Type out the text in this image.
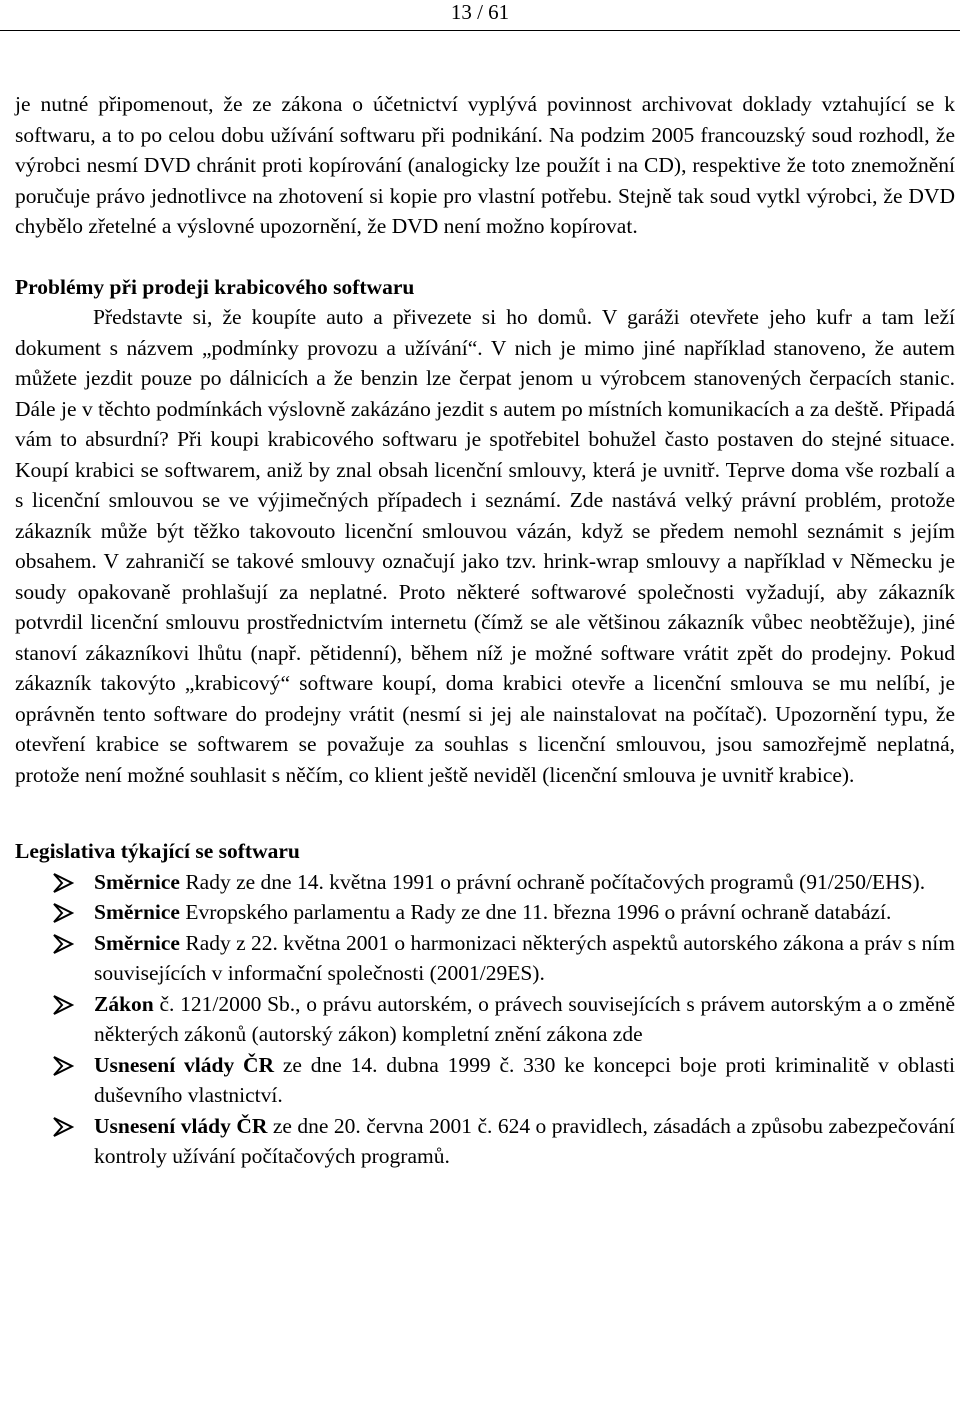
13 / 61

je nutné připomenout, že ze zákona o účetnictví vyplývá povinnost archivovat doklady vztahující se k softwaru, a to po celou dobu užívání softwaru při podnikání. Na podzim 2005 francouzský soud rozhodl, že výrobci nesmí DVD chránit proti kopírování (analogicky lze použít i na CD), respektive že toto znemožnění poručuje právo jednotlivce na zhotovení si kopie pro vlastní potřebu. Stejně tak soud vytkl výrobci, že DVD chybělo zřetelné a výslovné upozornění, že DVD není možno kopírovat.

Problémy při prodeji krabicového softwaru

Představte si, že koupíte auto a přivezete si ho domů. V garáži otevřete jeho kufr a tam leží dokument s názvem „podmínky provozu a užívání“. V nich je mimo jiné například stanoveno, že autem můžete jezdit pouze po dálnicích a že benzin lze čerpat jenom u výrobcem stanovených čerpacích stanic. Dále je v těchto podmínkách výslovně zakázáno jezdit s autem po místních komunikacích a za deště. Připadá vám to absurdní? Při koupi krabicového softwaru je spotřebitel bohužel často postaven do stejné situace. Koupí krabici se softwarem, aniž by znal obsah licenční smlouvy, která je uvnitř. Teprve doma vše rozbalí a s licenční smlouvou se ve výjimečných případech i seznámí. Zde nastává velký právní problém, protože zákazník může být těžko takovouto licenční smlouvou vázán, když se předem nemohl seznámit s jejím obsahem. V zahraničí se takové smlouvy označují jako tzv. hrink-wrap smlouvy a například v Německu je soudy opakovaně prohlašují za neplatné. Proto některé softwarové společnosti vyžadují, aby zákazník potvrdil licenční smlouvu prostřednictvím internetu (čímž se ale většinou zákazník vůbec neobtěžuje), jiné stanoví zákazníkovi lhůtu (např. pětidenní), během níž je možné software vrátit zpět do prodejny. Pokud zákazník takovýto „krabicový“ software koupí, doma krabici otevře a licenční smlouva se mu nelíbí, je oprávněn tento software do prodejny vrátit (nesmí si jej ale nainstalovat na počítač). Upozornění typu, že otevření krabice se softwarem se považuje za souhlas s licenční smlouvou, jsou samozřejmě neplatná, protože není možné souhlasit s něčím, co klient ještě neviděl (licenční smlouva je uvnitř krabice).

Legislativa týkající se softwaru
Směrnice Rady ze dne 14. května 1991 o právní ochraně počítačových programů (91/250/EHS).
Směrnice Evropského parlamentu a Rady ze dne 11. března 1996 o právní ochraně databází.
Směrnice Rady z 22. května 2001 o harmonizaci některých aspektů autorského zákona a práv s ním souvisejících v informační společnosti (2001/29ES).
Zákon č. 121/2000 Sb., o právu autorském, o právech souvisejících s právem autorským a o změně některých zákonů (autorský zákon) kompletní znění zákona zde
Usnesení vlády ČR ze dne 14. dubna 1999 č. 330 ke koncepci boje proti kriminalitě v oblasti duševního vlastnictví.
Usnesení vlády ČR ze dne 20. června 2001 č. 624 o pravidlech, zásadách a způsobu zabezpečování kontroly užívání počítačových programů.
